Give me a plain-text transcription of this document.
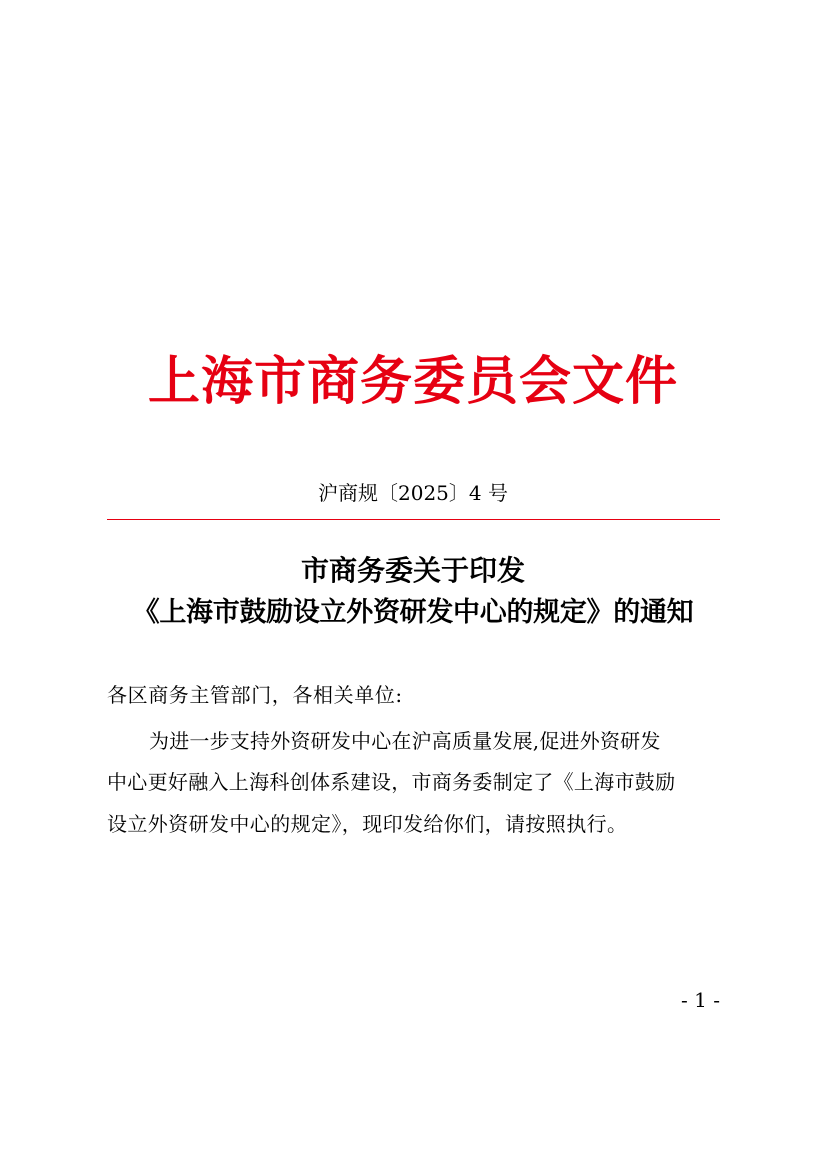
上海市商务委员会文件
沪商规〔2025〕4 号
市商务委关于印发
《上海市鼓励设立外资研发中心的规定》的通知
各区商务主管部门，各相关单位:
为进一步支持外资研发中心在沪高质量发展,促进外资研发
中心更好融入上海科创体系建设，市商务委制定了《上海市鼓励
设立外资研发中心的规定》，现印发给你们，请按照执行。
- 1 -
